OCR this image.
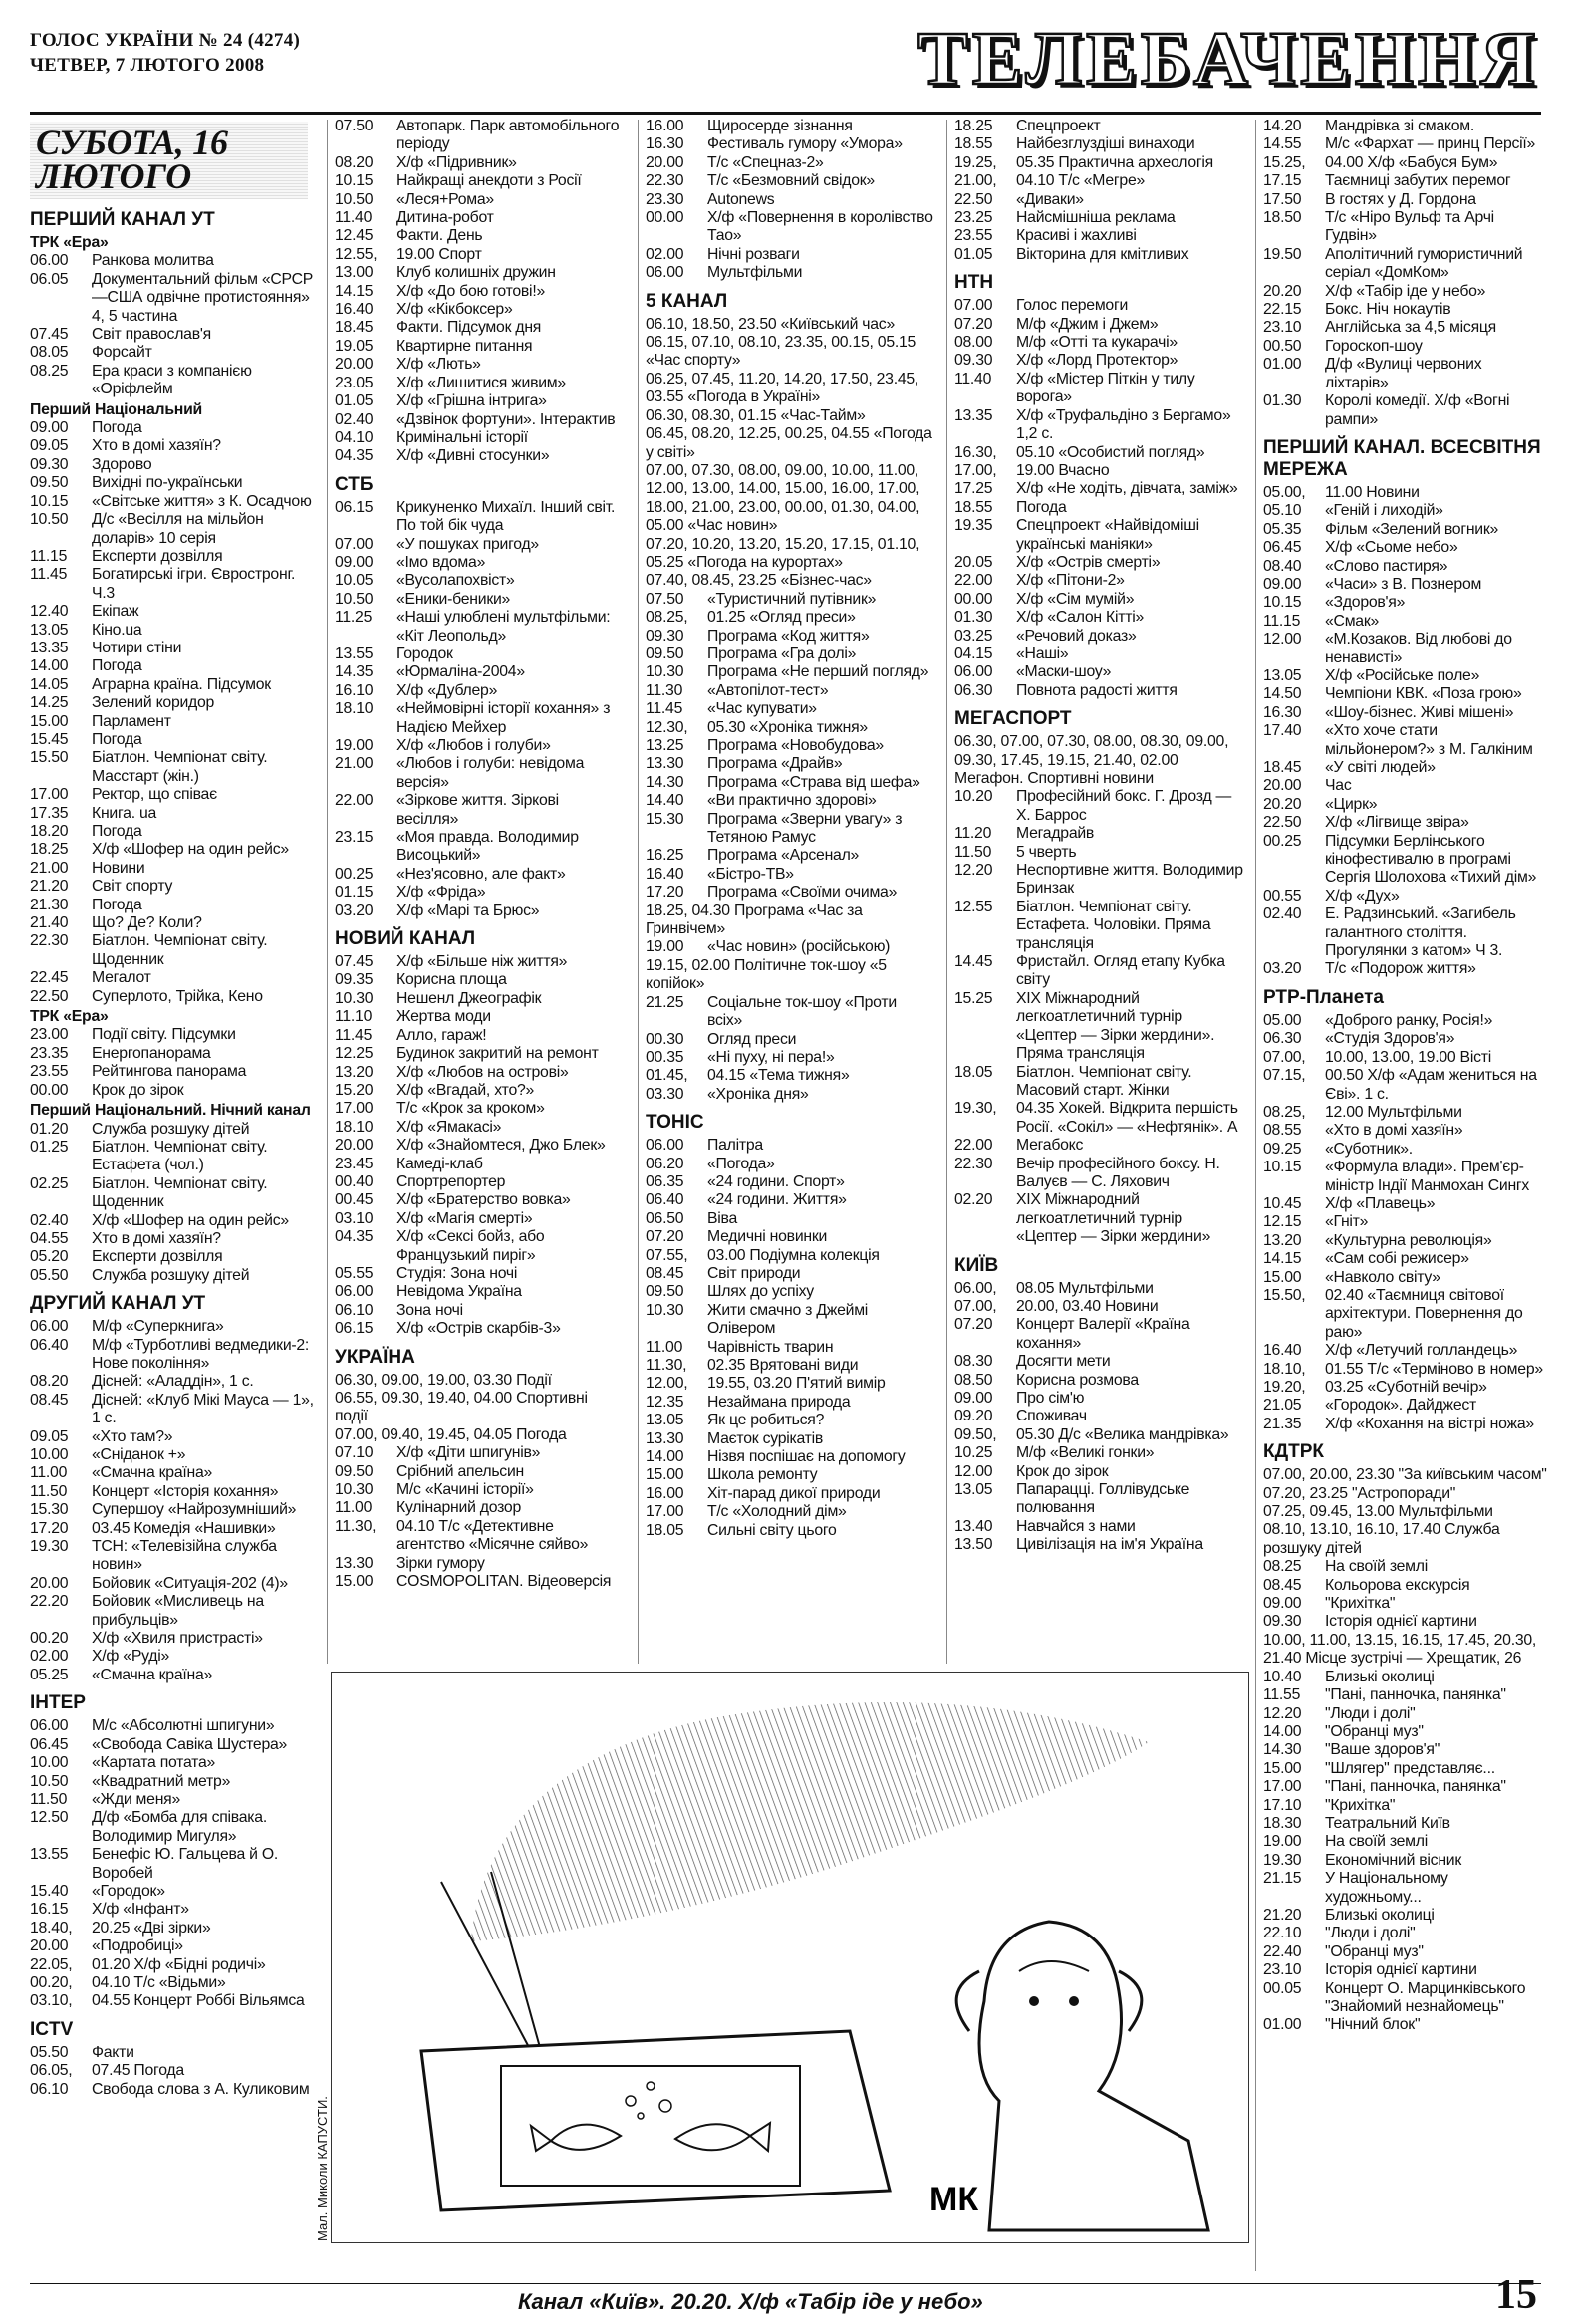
ГОЛОС УКРАЇНИ № 24 (4274)
ЧЕТВЕР, 7 ЛЮТОГО 2008	ТЕЛЕБАЧЕННЯ
СУБОТА, 16 ЛЮТОГО
ПЕРШИЙ КАНАЛ УТ
ТРК «Ера»
06.00	Ранкова молитва
06.05	Документальний фільм «СРСР—США одвічне протистояння» 4, 5 частина
07.45	Світ православ'я
08.05	Форсайт
08.25	Ера краси з компанією «Оріфлейм
Перший Національний
09.00	Погода
09.05	Хто в домі хазяїн?
09.30	Здорово
09.50	Вихідні по-українськи
10.15	«Світське життя» з К. Осадчою
10.50	Д/с «Весілля на мільйон доларів» 10 серія
11.15	Експерти дозвілля
11.45	Богатирські ігри. Євростронг. Ч.3
12.40	Екіпаж
13.05	Кіно.ua
13.35	Чотири стіни
14.00	Погода
14.05	Аграрна країна. Підсумок
14.25	Зелений коридор
15.00	Парламент
15.45	Погода
15.50	Біатлон. Чемпіонат світу. Масстарт (жін.)
17.00	Ректор, що співає
17.35	Книга. ua
18.20	Погода
18.25	Х/ф «Шофер на один рейс»
21.00	Новини
21.20	Світ спорту
21.30	Погода
21.40	Що? Де? Коли?
22.30	Біатлон. Чемпіонат світу. Щоденник
22.45	Мегалот
22.50	Суперлото, Трійка, Кено
ТРК «Ера»
23.00	Події світу. Підсумки
23.35	Енергопанорама
23.55	Рейтингова панорама
00.00	Крок до зірок
Перший Національний. Нічний канал
01.20	Служба розшуку дітей
01.25	Біатлон. Чемпіонат світу. Естафета (чол.)
02.25	Біатлон. Чемпіонат світу. Щоденник
02.40	Х/ф «Шофер на один рейс»
04.55	Хто в домі хазяїн?
05.20	Експерти дозвілля
05.50	Служба розшуку дітей
ДРУГИЙ КАНАЛ УТ
06.00	М/ф «Суперкнига»
06.40	М/ф «Турботливі ведмедики-2: Нове покоління»
08.20	Дісней: «Аладдін», 1 с.
08.45	Дісней: «Клуб Мікі Мауса — 1», 1 с.
09.05	«Хто там?»
10.00	«Сніданок +»
11.00	«Смачна країна»
11.50	Концерт «Історія кохання»
15.30	Супершоу «Найрозумніший»
17.20	03.45 Комедія «Нашивки»
19.30	ТСН: «Телевізійна служба новин»
20.00	Бойовик «Ситуація-202 (4)»
22.20	Бойовик «Мисливець на прибульців»
00.20	Х/ф «Хвиля пристрасті»
02.00	Х/ф «Руді»
05.25	«Смачна країна»
ІНТЕР
06.00	М/с «Абсолютні шпигуни»
06.45	«Свобода Савіка Шустера»
10.00	«Картата потата»
10.50	«Квадратний метр»
11.50	«Жди меня»
12.50	Д/ф «Бомба для співака. Володимир Мигуля»
13.55	Бенефіс Ю. Гальцева й О. Воробей
15.40	«Городок»
16.15	Х/ф «Інфант»
18.40,	20.25 «Дві зірки»
20.00	«Подробиці»
22.05,	01.20 Х/ф «Бідні родичі»
00.20,	04.10 Т/с «Відьми»
03.10,	04.55 Концерт Роббі Вільямса
ICTV
05.50	Факти
06.05,	07.45 Погода
06.10	Свобода слова з А. Куликовим
07.50	Автопарк. Парк автомобільного періоду
08.20	Х/ф «Підривник»
10.15	Найкращі анекдоти з Росії
10.50	«Леся+Рома»
11.40	Дитина-робот
12.45	Факти. День
12.55,	19.00 Спорт
13.00	Клуб колишніх дружин
14.15	Х/ф «До бою готові!»
16.40	Х/ф «Кікбоксер»
18.45	Факти. Підсумок дня
19.05	Квартирне питання
20.00	Х/ф «Лють»
23.05	Х/ф «Лишитися живим»
01.05	Х/ф «Грішна інтрига»
02.40	«Дзвінок фортуни». Інтерактив
04.10	Кримінальні історії
04.35	Х/ф «Дивні стосунки»
СТБ
06.15	Крикуненко Михаїл. Інший світ. По той бік чуда
07.00	«У пошуках пригод»
09.00	«Імо вдома»
10.05	«Вусолапохвіст»
10.50	«Еники-беники»
11.25	«Наші улюблені мультфільми: «Кіт Леопольд»
13.55	Городок
14.35	«Юрмаліна-2004»
16.10	Х/ф «Дублер»
18.10	«Неймовірні історії кохання» з Надією Мейхер
19.00	Х/ф «Любов і голуби»
21.00	«Любов і голуби: невідома версія»
22.00	«Зіркове життя. Зіркові весілля»
23.15	«Моя правда. Володимир Висоцький»
00.25	«Нез'ясовно, але факт»
01.15	Х/ф «Фріда»
03.20	Х/ф «Марі та Брюс»
НОВИЙ КАНАЛ
07.45	Х/ф «Більше ніж життя»
09.35	Корисна площа
10.30	Нешенл Джеографік
11.10	Жертва моди
11.45	Алло, гараж!
12.25	Будинок закритий на ремонт
13.20	Х/ф «Любов на острові»
15.20	Х/ф «Вгадай, хто?»
17.00	Т/с «Крок за кроком»
18.10	Х/ф «Ямакасі»
20.00	Х/ф «Знайомтеся, Джо Блек»
23.45	Камеді-клаб
00.40	Спортрепортер
00.45	Х/ф «Братерство вовка»
03.10	Х/ф «Магія смерті»
04.35	Х/ф «Сексі бойз, або Французький пиріг»
05.55	Студія: Зона ночі
06.00	Невідома Україна
06.10	Зона ночі
06.15	Х/ф «Острів скарбів-3»
УКРАЇНА
06.30, 09.00, 19.00, 03.30 Події
06.55, 09.30, 19.40, 04.00 Спортивні події
07.00, 09.40, 19.45, 04.05 Погода
07.10	Х/ф «Діти шпигунів»
09.50	Срібний апельсин
10.30	М/с «Качині історії»
11.00	Кулінарний дозор
11.30,	04.10 Т/с «Детективне агентство «Місячне сяйво»
13.30	Зірки гумору
15.00	COSMOPOLITAN. Відеоверсія
16.00	Щиросерде зізнання
16.30	Фестиваль гумору «Умора»
20.00	Т/с «Спецназ-2»
22.30	Т/с «Безмовний свідок»
23.30	Autonews
00.00	Х/ф «Повернення в королівство Тао»
02.00	Нічні розваги
06.00	Мультфільми
5 КАНАЛ
06.10, 18.50, 23.50 «Київський час»
06.15, 07.10, 08.10, 23.35, 00.15, 05.15 «Час спорту»
06.25, 07.45, 11.20, 14.20, 17.50, 23.45, 03.55 «Погода в Україні»
06.30, 08.30, 01.15 «Час-Тайм»
06.45, 08.20, 12.25, 00.25, 04.55 «Погода у світі»
07.00, 07.30, 08.00, 09.00, 10.00, 11.00, 12.00, 13.00, 14.00, 15.00, 16.00, 17.00, 18.00, 21.00, 23.00, 00.00, 01.30, 04.00, 05.00 «Час новин»
07.20, 10.20, 13.20, 15.20, 17.15, 01.10, 05.25 «Погода на курортах»
07.40, 08.45, 23.25 «Бізнес-час»
07.50	«Туристичний путівник»
08.25,	01.25 «Огляд преси»
09.30	Програма «Код життя»
09.50	Програма «Гра долі»
10.30	Програма «Не перший погляд»
11.30	«Автопілот-тест»
11.45	«Час купувати»
12.30,	05.30 «Хроніка тижня»
13.25	Програма «Новобудова»
13.30	Програма «Драйв»
14.30	Програма «Страва від шефа»
14.40	«Ви практично здорові»
15.30	Програма «Зверни увагу» з Тетяною Рамус
16.25	Програма «Арсенал»
16.40	«Бістро-ТВ»
17.20	Програма «Своїми очима»
18.25, 04.30 Програма «Час за Гринвічем»
19.00	«Час новин» (російською)
19.15, 02.00 Політичне ток-шоу «5 копійок»
21.25	Соціальне ток-шоу «Проти всіх»
00.30	Огляд преси
00.35	«Ні пуху, ні пера!»
01.45,	04.15 «Тема тижня»
03.30	«Хроніка дня»
ТОНІС
06.00	Палітра
06.20	«Погода»
06.35	«24 години. Спорт»
06.40	«24 години. Життя»
06.50	Віва
07.20	Медичні новинки
07.55,	03.00 Подіумна колекція
08.45	Світ природи
09.50	Шлях до успіху
10.30	Жити смачно з Джеймі Олівером
11.00	Чарівність тварин
11.30,	02.35 Врятовані види
12.00,	19.55, 03.20 П'ятий вимір
12.35	Незаймана природа
13.05	Як це робиться?
13.30	Маєток сурікатів
14.00	Нізвя поспішає на допомогу
15.00	Школа ремонту
16.00	Хіт-парад дикої природи
17.00	Т/с «Холодний дім»
18.05	Сильні світу цього
18.25	Спецпроект
18.55	Найбезглуздіші винаходи
19.25,	05.35 Практична археологія
21.00,	04.10 Т/с «Мегре»
22.50	«Диваки»
23.25	Найсмішніша реклама
23.55	Красиві і жахливі
01.05	Вікторина для кмітливих
НТН
07.00	Голос перемоги
07.20	М/ф «Джим і Джем»
08.00	М/ф «Отті та кукарачі»
09.30	Х/ф «Лорд Протектор»
11.40	Х/ф «Містер Піткін у тилу ворога»
13.35	Х/ф «Труфальдіно з Бергамо» 1,2 с.
16.30,	05.10 «Особистий погляд»
17.00,	19.00 Вчасно
17.25	Х/ф «Не ходіть, дівчата, заміж»
18.55	Погода
19.35	Спецпроект «Найвідоміші українські маніяки»
20.05	Х/ф «Острів смерті»
22.00	Х/ф «Пітони-2»
00.00	Х/ф «Сім мумій»
01.30	Х/ф «Салон Кітті»
03.25	«Речовий доказ»
04.15	«Наші»
06.00	«Маски-шоу»
06.30	Повнота радості життя
МЕГАСПОРТ
06.30, 07.00, 07.30, 08.00, 08.30, 09.00, 09.30, 17.45, 19.15, 21.40, 02.00 Мегафон. Спортивні новини
10.20	Професійний бокс. Г. Дрозд — Х. Баррос
11.20	Мегадрайв
11.50	5 чверть
12.20	Неспортивне життя. Володимир Бринзак
12.55	Біатлон. Чемпіонат світу. Естафета. Чоловіки. Пряма трансляція
14.45	Фристайл. Огляд етапу Кубка світу
15.25	XIX Міжнародний легкоатлетичний турнір «Цептер — Зірки жердини». Пряма трансляція
18.05	Біатлон. Чемпіонат світу. Масовий старт. Жінки
19.30,	04.35 Хокей. Відкрита першість Росії. «Сокіл» — «Нефтянік». А
22.00	Мегабокс
22.30	Вечір професійного боксу. Н. Валуєв — С. Ляхович
02.20	XIX Міжнародний легкоатлетичний турнір «Цептер — Зірки жердини»
КИЇВ
06.00,	08.05 Мультфільми
07.00,	20.00, 03.40 Новини
07.20	Концерт Валерії «Країна кохання»
08.30	Досягти мети
08.50	Корисна розмова
09.00	Про сім'ю
09.20	Споживач
09.50,	05.30 Д/с «Велика мандрівка»
10.25	М/ф «Великі гонки»
12.00	Крок до зірок
13.05	Папарацці. Голлівудське полювання
13.40	Навчайся з нами
13.50	Цивілізація на ім'я Україна
14.20	Мандрівка зі смаком.
14.55	М/с «Фархат — принц Персії»
15.25,	04.00 Х/ф «Бабуся Бум»
17.15	Таємниці забутих перемог
17.50	В гостях у Д. Гордона
18.50	Т/с «Ніро Вульф та Арчі Гудвін»
19.50	Аполітичний гумористичний серіал «ДомКом»
20.20	Х/ф «Табір іде у небо»
22.15	Бокс. Ніч нокаутів
23.10	Англійська за 4,5 місяця
00.50	Гороскоп-шоу
01.00	Д/ф «Вулиці червоних ліхтарів»
01.30	Королі комедії. Х/ф «Вогні рампи»
ПЕРШИЙ КАНАЛ. ВСЕСВІТНЯ МЕРЕЖА
05.00,	11.00 Новини
05.10	«Геній і лиходій»
05.35	Фільм «Зелений вогник»
06.45	Х/ф «Сьоме небо»
08.40	«Слово пастиря»
09.00	«Часи» з В. Познером
10.15	«Здоров'я»
11.15	«Смак»
12.00	«М.Козаков. Від любові до ненависті»
13.05	Х/ф «Російське поле»
14.50	Чемпіони КВК. «Поза грою»
16.30	«Шоу-бізнес. Живі мішені»
17.40	«Хто хоче стати мільйонером?» з М. Галкіним
18.45	«У світі людей»
20.00	Час
20.20	«Цирк»
22.50	Х/ф «Лігвище звіра»
00.25	Підсумки Берлінського кінофестивалю в програмі Сергія Шолохова «Тихий дім»
00.55	Х/ф «Дух»
02.40	Е. Радзинський. «Загибель галантного століття. Прогулянки з катом» Ч 3.
03.20	Т/с «Подорож життя»
РТР-Планета
05.00	«Доброго ранку, Росія!»
06.30	«Студія Здоров'я»
07.00,	10.00, 13.00, 19.00 Вісті
07.15,	00.50 Х/ф «Адам жениться на Єві». 1 с.
08.25,	12.00 Мультфільми
08.55	«Хто в домі хазяїн»
09.25	«Суботник».
10.15	«Формула влади». Прем'єр-міністр Індії Манмохан Сингх
10.45	Х/ф «Плавець»
12.15	«Гніт»
13.20	«Культурна революція»
14.15	«Сам собі режисер»
15.00	«Навколо світу»
15.50,	02.40 «Таємниця світової архітектури. Повернення до раю»
16.40	Х/ф «Летучий голландець»
18.10,	01.55 Т/с «Терміново в номер»
19.20,	03.25 «Суботній вечір»
21.05	«Городок». Дайджест
21.35	Х/ф «Кохання на вістрі ножа»
КДТРК
07.00, 20.00, 23.30 "За київським часом"
07.20, 23.25 "Астропоради"
07.25, 09.45, 13.00 Мультфільми
08.10, 13.10, 16.10, 17.40 Служба розшуку дітей
08.25	На своїй землі
08.45	Кольорова екскурсія
09.00	"Крихітка"
09.30	Історія однієї картини
10.00, 11.00, 13.15, 16.15, 17.45, 20.30, 21.40 Місце зустрічі — Хрещатик, 26
10.40	Близькі околиці
11.55	"Пані, панночка, панянка"
12.20	"Люди і долі"
14.00	"Обранці муз"
14.30	"Ваше здоров'я"
15.00	"Шлягер" представляє...
17.00	"Пані, панночка, панянка"
17.10	"Крихітка"
18.30	Театральний Київ
19.00	На своїй землі
19.30	Економічний вісник
21.15	У Національному художньому...
21.20	Близькі околиці
22.10	"Люди і долі"
22.40	"Обранці муз"
23.10	Історія однієї картини
00.05	Концерт О. Марцинківського "Знайомий незнайомець"
01.00	"Нічний блок"
МК
Мал. Миколи КАПУСТИ.
Канал «Київ». 20.20. Х/ф «Табір іде у небо»	15
